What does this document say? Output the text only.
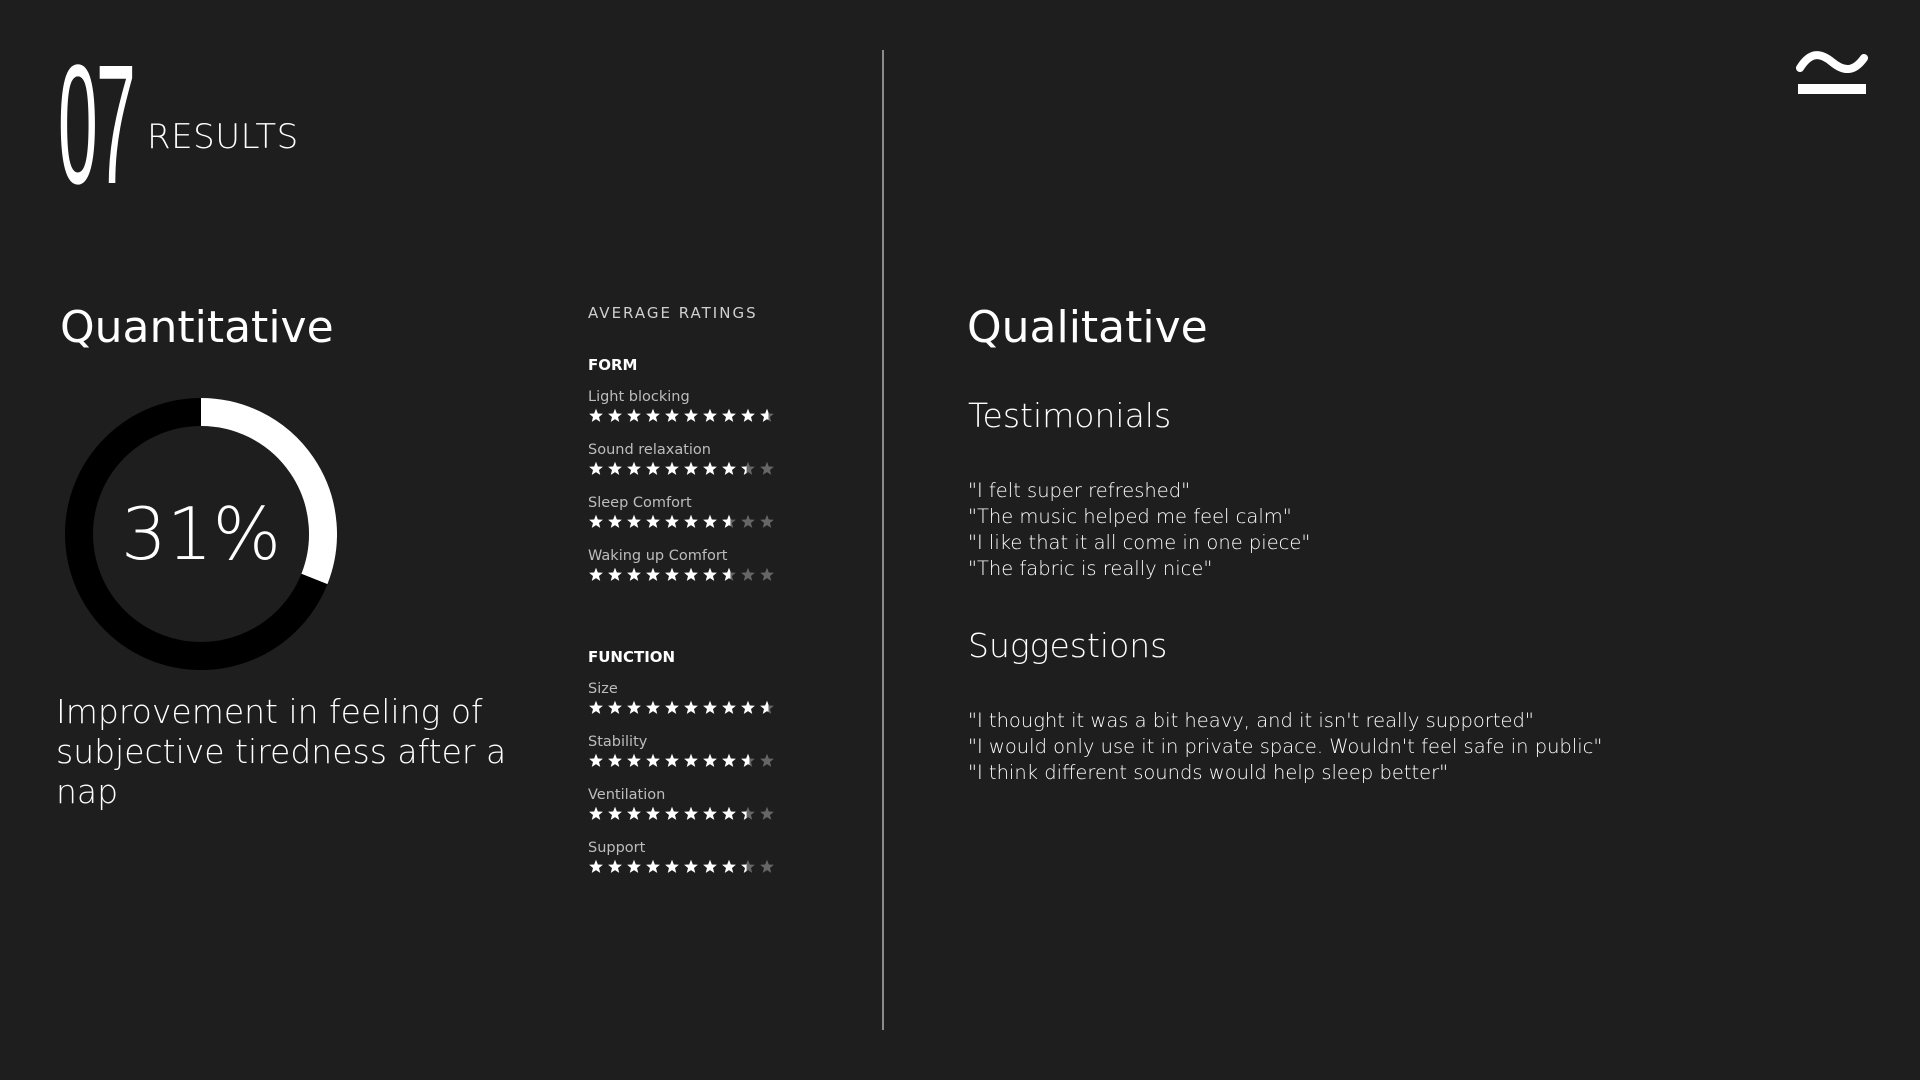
07 RESULTS
Quantitative
31%
Improvement in feeling of subjective tiredness after a nap
AVERAGE RATINGS
FORM
Light blocking
Sound relaxation
Sleep Comfort
Waking up Comfort
FUNCTION
Size
Stability
Ventilation
Support
Qualitative
Testimonials
"I felt super refreshed"
"The music helped me feel calm"
"I like that it all come in one piece"
"The fabric is really nice"
Suggestions
"I thought it was a bit heavy, and it isn't really supported"
"I would only use it in private space. Wouldn't feel safe in public"
"I think different sounds would help sleep better"
